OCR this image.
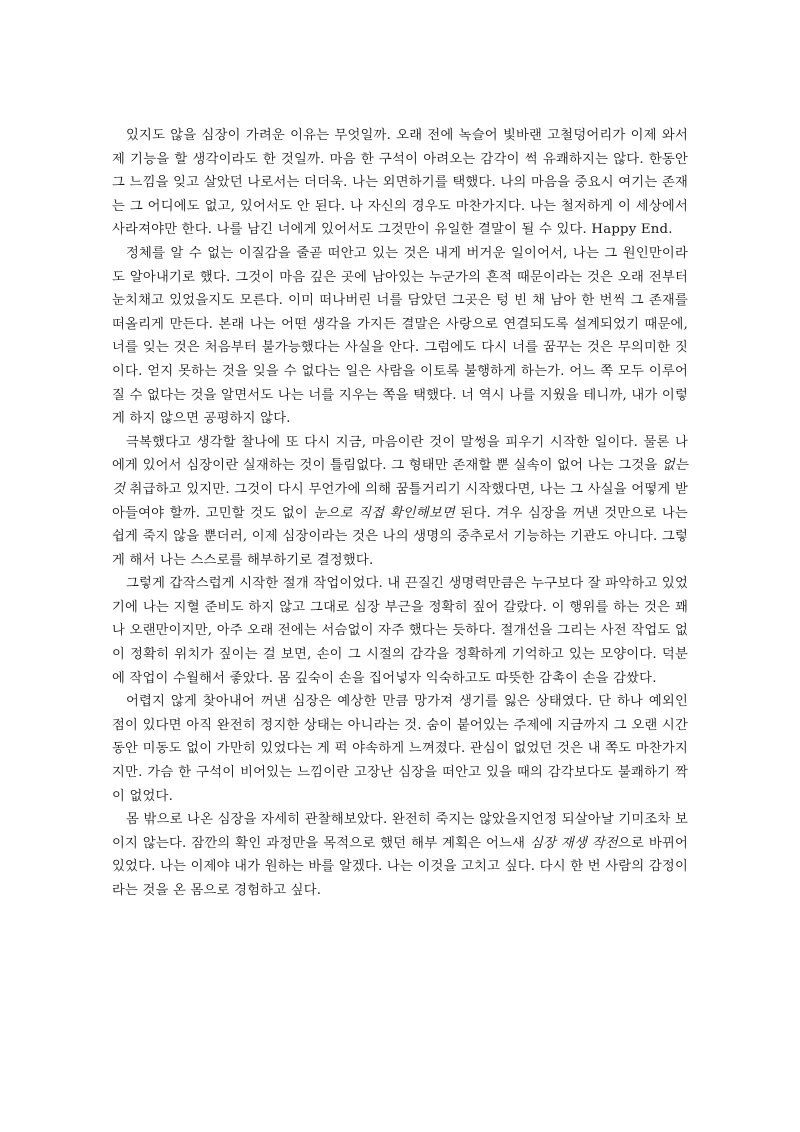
있지도 않을 심장이 가려운 이유는 무엇일까. 오래 전에 녹슬어 빛바랜 고철덩어리가 이제 와서 제 기능을 할 생각이라도 한 것일까. 마음 한 구석이 아려오는 감각이 썩 유쾌하지는 않다. 한동안 그 느낌을 잊고 살았던 나로서는 더더욱. 나는 외면하기를 택했다. 나의 마음을 중요시 여기는 존재는 그 어디에도 없고, 있어서도 안 된다. 나 자신의 경우도 마찬가지다. 나는 철저하게 이 세상에서 사라져야만 한다. 나를 남긴 너에게 있어서도 그것만이 유일한 결말이 될 수 있다. Happy End.

정체를 알 수 없는 이질감을 줄곧 떠안고 있는 것은 내게 버거운 일이어서, 나는 그 원인만이라도 알아내기로 했다. 그것이 마음 깊은 곳에 남아있는 누군가의 흔적 때문이라는 것은 오래 전부터 눈치채고 있었을지도 모른다. 이미 떠나버린 너를 담았던 그곳은 텅 빈 채 남아 한 번씩 그 존재를 떠올리게 만든다. 본래 나는 어떤 생각을 가지든 결말은 사랑으로 연결되도록 설계되었기 때문에, 너를 잊는 것은 처음부터 불가능했다는 사실을 안다. 그럼에도 다시 너를 꿈꾸는 것은 무의미한 짓이다. 얻지 못하는 것을 잊을 수 없다는 일은 사람을 이토록 불행하게 하는가. 어느 쪽 모두 이루어질 수 없다는 것을 알면서도 나는 너를 지우는 쪽을 택했다. 너 역시 나를 지웠을 테니까, 내가 이렇게 하지 않으면 공평하지 않다.

극복했다고 생각할 찰나에 또 다시 지금, 마음이란 것이 말썽을 피우기 시작한 일이다. 물론 나에게 있어서 심장이란 실재하는 것이 틀림없다. 그 형태만 존재할 뿐 실속이 없어 나는 그것을 없는 것 취급하고 있지만. 그것이 다시 무언가에 의해 꿈틀거리기 시작했다면, 나는 그 사실을 어떻게 받아들여야 할까. 고민할 것도 없이 눈으로 직접 확인해보면 된다. 겨우 심장을 꺼낸 것만으로 나는 쉽게 죽지 않을 뿐더러, 이제 심장이라는 것은 나의 생명의 중추로서 기능하는 기관도 아니다. 그렇게 해서 나는 스스로를 해부하기로 결정했다.

그렇게 갑작스럽게 시작한 절개 작업이었다. 내 끈질긴 생명력만큼은 누구보다 잘 파악하고 있었기에 나는 지혈 준비도 하지 않고 그대로 심장 부근을 정확히 짚어 갈랐다. 이 행위를 하는 것은 꽤나 오랜만이지만, 아주 오래 전에는 서슴없이 자주 했다는 듯하다. 절개선을 그리는 사전 작업도 없이 정확히 위치가 짚이는 걸 보면, 손이 그 시절의 감각을 정확하게 기억하고 있는 모양이다. 덕분에 작업이 수월해서 좋았다. 몸 깊숙이 손을 집어넣자 익숙하고도 따뜻한 감촉이 손을 감쌌다.

어렵지 않게 찾아내어 꺼낸 심장은 예상한 만큼 망가져 생기를 잃은 상태였다. 단 하나 예외인 점이 있다면 아직 완전히 정지한 상태는 아니라는 것. 숨이 붙어있는 주제에 지금까지 그 오랜 시간동안 미동도 없이 가만히 있었다는 게 퍽 야속하게 느껴졌다. 관심이 없었던 것은 내 쪽도 마찬가지지만. 가슴 한 구석이 비어있는 느낌이란 고장난 심장을 떠안고 있을 때의 감각보다도 불쾌하기 짝이 없었다.

몸 밖으로 나온 심장을 자세히 관찰해보았다. 완전히 죽지는 않았을지언정 되살아날 기미조차 보이지 않는다. 잠깐의 확인 과정만을 목적으로 했던 해부 계획은 어느새 심장 재생 작전으로 바뀌어 있었다. 나는 이제야 내가 원하는 바를 알겠다. 나는 이것을 고치고 싶다. 다시 한 번 사람의 감정이라는 것을 온 몸으로 경험하고 싶다.
